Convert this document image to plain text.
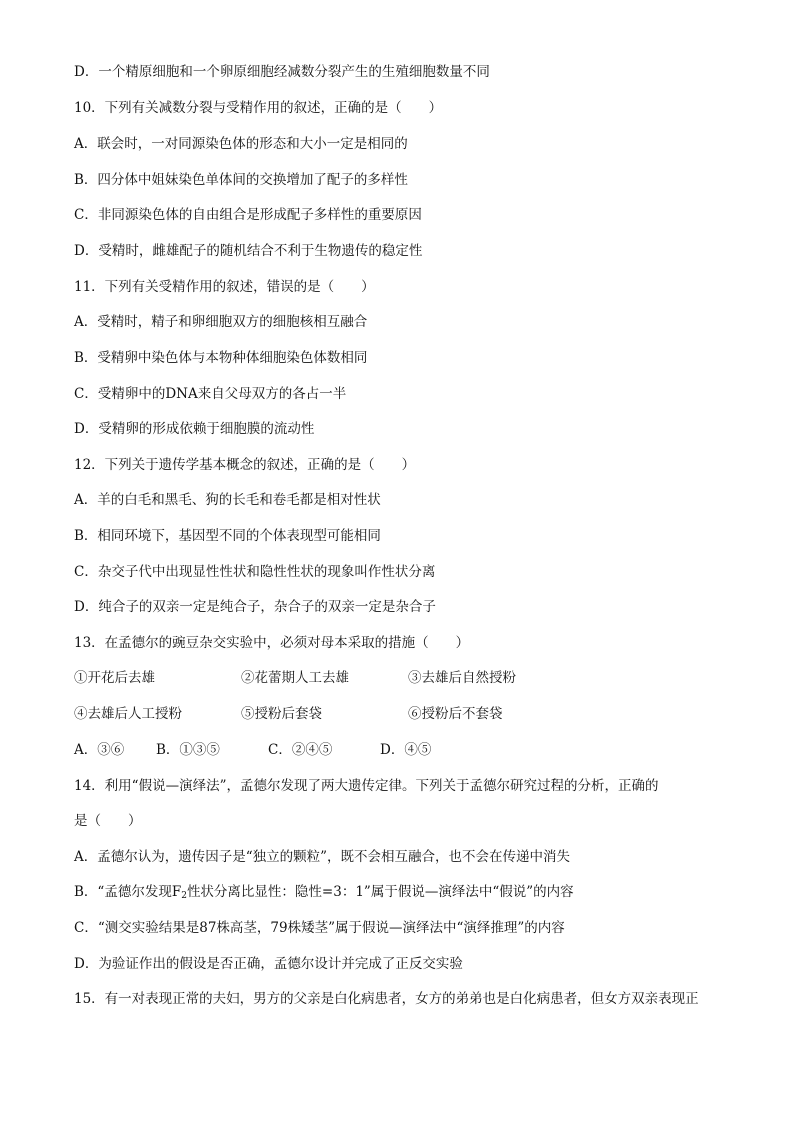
D．一个精原细胞和一个卵原细胞经减数分裂产生的生殖细胞数量不同
10．下列有关减数分裂与受精作用的叙述，正确的是（　　）
A．联会时，一对同源染色体的形态和大小一定是相同的
B．四分体中姐妹染色单体间的交换增加了配子的多样性
C．非同源染色体的自由组合是形成配子多样性的重要原因
D．受精时，雌雄配子的随机结合不利于生物遗传的稳定性
11．下列有关受精作用的叙述，错误的是（　　）
A．受精时，精子和卵细胞双方的细胞核相互融合
B．受精卵中染色体与本物种体细胞染色体数相同
C．受精卵中的DNA来自父母双方的各占一半
D．受精卵的形成依赖于细胞膜的流动性
12．下列关于遗传学基本概念的叙述，正确的是（　　）
A．羊的白毛和黑毛、狗的长毛和卷毛都是相对性状
B．相同环境下，基因型不同的个体表现型可能相同
C．杂交子代中出现显性性状和隐性性状的现象叫作性状分离
D．纯合子的双亲一定是纯合子，杂合子的双亲一定是杂合子
13．在孟德尔的豌豆杂交实验中，必须对母本采取的措施（　　）
①开花后去雄	②花蕾期人工去雄	③去雄后自然授粉
④去雄后人工授粉	⑤授粉后套袋	⑥授粉后不套袋
A．③⑥ B．①③⑤	C．②④⑤	D．④⑤
14．利用“假说—演绎法”，孟德尔发现了两大遗传定律。下列关于孟德尔研究过程的分析，正确的
是（　　）
A．孟德尔认为，遗传因子是“独立的颗粒”，既不会相互融合，也不会在传递中消失
B．“孟德尔发现$F_2$性状分离比显性：隐性=3：1”属于假说—演绎法中“假说”的内容
C．“测交实验结果是87株高茎，79株矮茎”属于假说—演绎法中“演绎推理”的内容
D．为验证作出的假设是否正确，孟德尔设计并完成了正反交实验
15．有一对表现正常的夫妇，男方的父亲是白化病患者，女方的弟弟也是白化病患者，但女方双亲表现正
